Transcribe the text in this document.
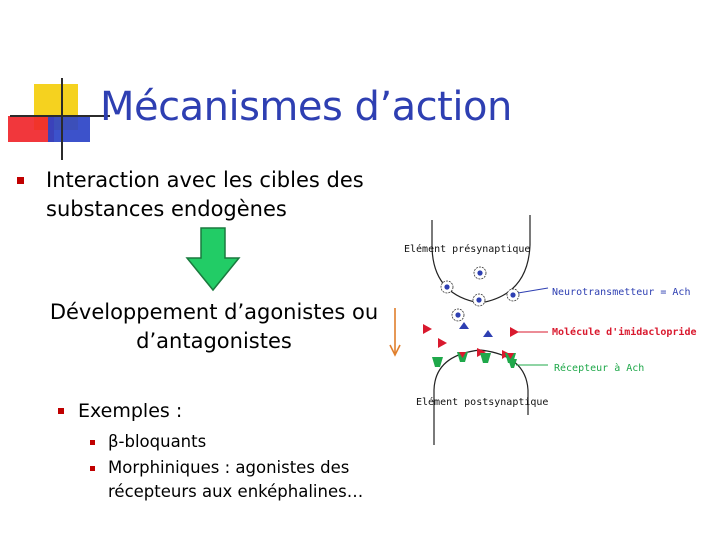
Mécanismes d’action
Interaction avec les cibles des
substances endogènes
Développement d’agonistes ou
d’antagonistes
Exemples :
β-bloquants
Morphiniques : agonistes des
récepteurs aux enképhalines…
Elément présynaptique
Elément postsynaptique
Neurotransmetteur = Ach
Molécule d'imidaclopride
Récepteur à Ach
